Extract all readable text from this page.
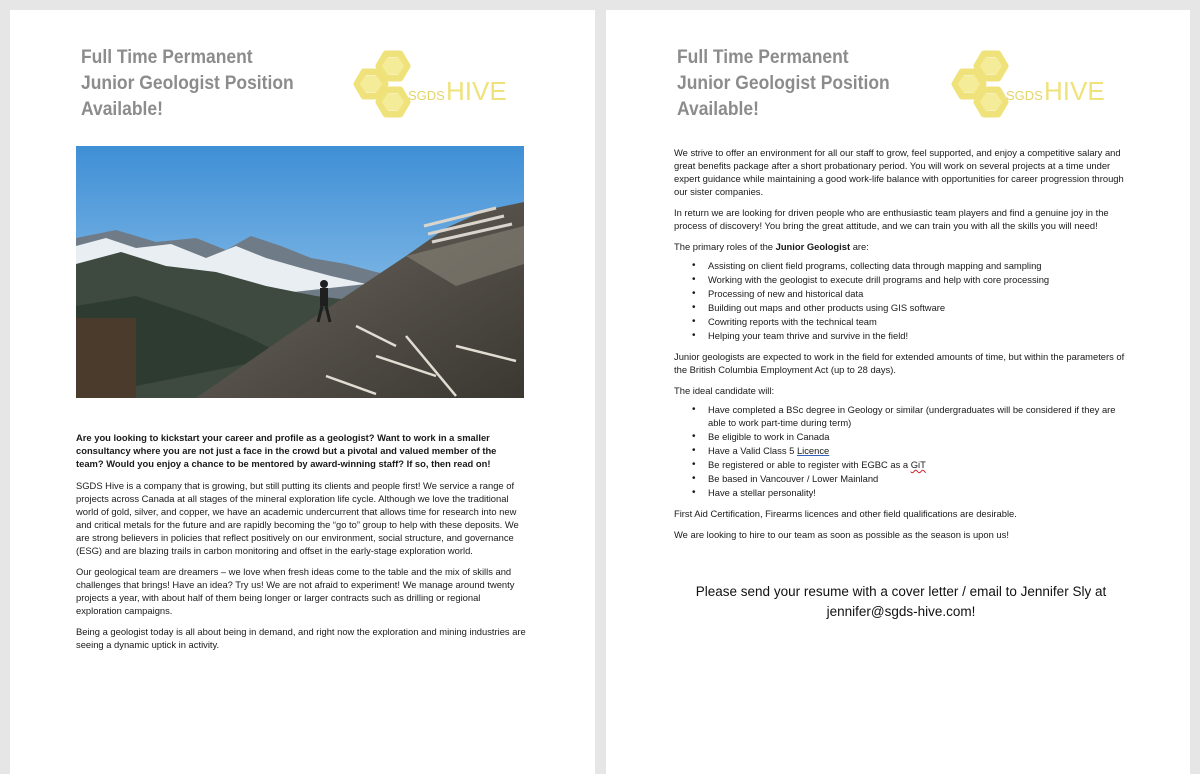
Full Time Permanent
Junior Geologist Position
Available!
SGDS HIVE

Are you looking to kickstart your career and profile as a geologist? Want to work in a smaller consultancy where you are not just a face in the crowd but a pivotal and valued member of the team? Would you enjoy a chance to be mentored by award-winning staff? If so, then read on!

SGDS Hive is a company that is growing, but still putting its clients and people first! We service a range of projects across Canada at all stages of the mineral exploration life cycle. Although we love the traditional world of gold, silver, and copper, we have an academic undercurrent that allows time for research into new and critical metals for the future and are rapidly becoming the “go to” group to help with these deposits. We are strong believers in policies that reflect positively on our environment, social structure, and governance (ESG) and are blazing trails in carbon monitoring and offset in the early-stage exploration world.

Our geological team are dreamers – we love when fresh ideas come to the table and the mix of skills and challenges that brings! Have an idea? Try us! We are not afraid to experiment! We manage around twenty projects a year, with about half of them being longer or larger contracts such as drilling or regional exploration campaigns.

Being a geologist today is all about being in demand, and right now the exploration and mining industries are seeing a dynamic uptick in activity.

Full Time Permanent
Junior Geologist Position
Available!
SGDS HIVE

We strive to offer an environment for all our staff to grow, feel supported, and enjoy a competitive salary and great benefits package after a short probationary period. You will work on several projects at a time under expert guidance while maintaining a good work-life balance with opportunities for career progression through our sister companies.

In return we are looking for driven people who are enthusiastic team players and find a genuine joy in the process of discovery! You bring the great attitude, and we can train you with all the skills you will need!

The primary roles of the Junior Geologist are:

• Assisting on client field programs, collecting data through mapping and sampling
• Working with the geologist to execute drill programs and help with core processing
• Processing of new and historical data
• Building out maps and other products using GIS software
• Cowriting reports with the technical team
• Helping your team thrive and survive in the field!

Junior geologists are expected to work in the field for extended amounts of time, but within the parameters of the British Columbia Employment Act (up to 28 days).

The ideal candidate will:

• Have completed a BSc degree in Geology or similar (undergraduates will be considered if they are able to work part-time during term)
• Be eligible to work in Canada
• Have a Valid Class 5 Licence
• Be registered or able to register with EGBC as a GiT
• Be based in Vancouver / Lower Mainland
• Have a stellar personality!

First Aid Certification, Firearms licences and other field qualifications are desirable.

We are looking to hire to our team as soon as possible as the season is upon us!

Please send your resume with a cover letter / email to Jennifer Sly at
jennifer@sgds-hive.com!
